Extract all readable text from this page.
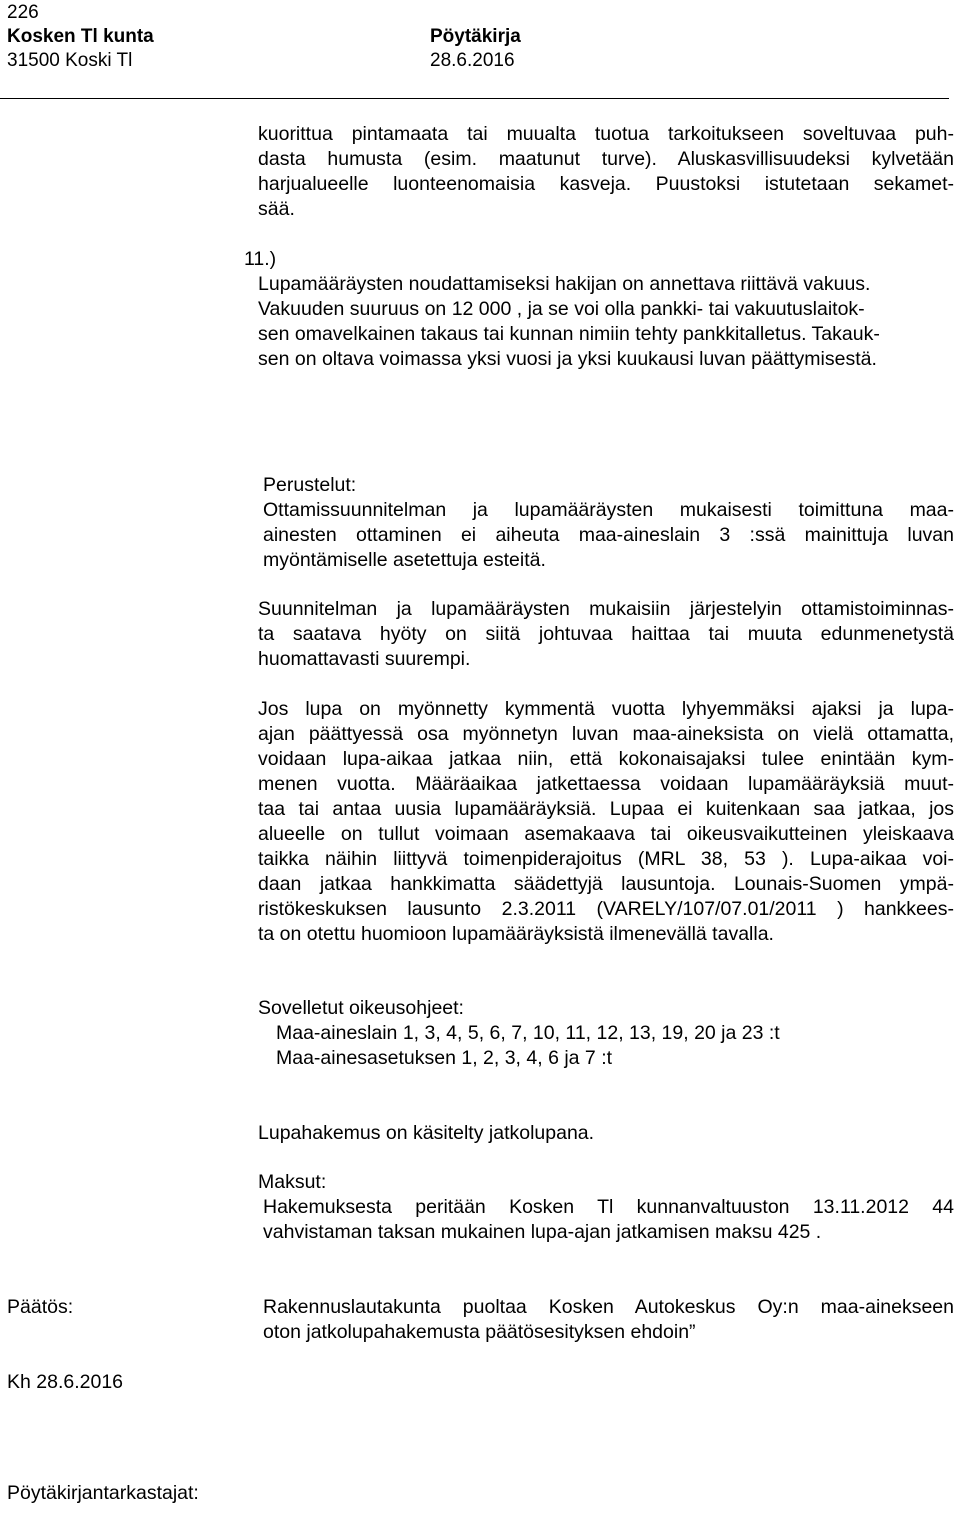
226
Kosken Tl kunta
31500 Koski Tl
Pöytäkirja
28.6.2016
kuorittua pintamaata tai muualta tuotua tarkoitukseen soveltuvaa puh-
dasta humusta (esim. maatunut turve). Aluskasvillisuudeksi kylvetään
harjualueelle luonteenomaisia kasveja. Puustoksi istutetaan sekamet-
sää.
11.)
Lupamääräysten noudattamiseksi hakijan on annettava riittävä vakuus.
Vakuuden suuruus on 12 000 , ja se voi olla pankki- tai vakuutuslaitok-
sen omavelkainen takaus tai kunnan nimiin tehty pankkitalletus. Takauk-
sen on oltava voimassa yksi vuosi ja yksi kuukausi luvan päättymisestä.
Perustelut:
Ottamissuunnitelman ja lupamääräysten mukaisesti toimittuna maa-
ainesten ottaminen ei aiheuta maa-aineslain 3 :ssä mainittuja luvan
myöntämiselle asetettuja esteitä.
Suunnitelman ja lupamääräysten mukaisiin järjestelyin ottamistoiminnas-
ta saatava hyöty on siitä johtuvaa haittaa tai muuta edunmenetystä
huomattavasti suurempi.
Jos lupa on myönnetty kymmentä vuotta lyhyemmäksi ajaksi ja lupa-
ajan päättyessä osa myönnetyn luvan maa-aineksista on vielä ottamatta,
voidaan lupa-aikaa jatkaa niin, että kokonaisajaksi tulee enintään kym-
menen vuotta. Määräaikaa jatkettaessa voidaan lupamääräyksiä muut-
taa tai antaa uusia lupamääräyksiä. Lupaa ei kuitenkaan saa jatkaa, jos
alueelle on tullut voimaan asemakaava tai oikeusvaikutteinen yleiskaava
taikka näihin liittyvä toimenpiderajoitus (MRL 38, 53 ). Lupa-aikaa voi-
daan jatkaa hankkimatta säädettyjä lausuntoja. Lounais-Suomen ympä-
ristökeskuksen lausunto 2.3.2011 (VARELY/107/07.01/2011 ) hankkees-
ta on otettu huomioon lupamääräyksistä ilmenevällä tavalla.
Sovelletut oikeusohjeet:
Maa-aineslain 1, 3, 4, 5, 6, 7, 10, 11, 12, 13, 19, 20 ja 23 :t
Maa-ainesasetuksen 1, 2, 3, 4, 6 ja 7 :t
Lupahakemus on käsitelty jatkolupana.
Maksut:
Hakemuksesta peritään Kosken Tl kunnanvaltuuston 13.11.2012 44
vahvistaman taksan mukainen lupa-ajan jatkamisen maksu 425 .
Päätös:	Rakennuslautakunta puoltaa Kosken Autokeskus Oy:n maa-ainekseen
oton jatkolupahakemusta päätösesityksen ehdoin”
Kh 28.6.2016
Pöytäkirjantarkastajat:
